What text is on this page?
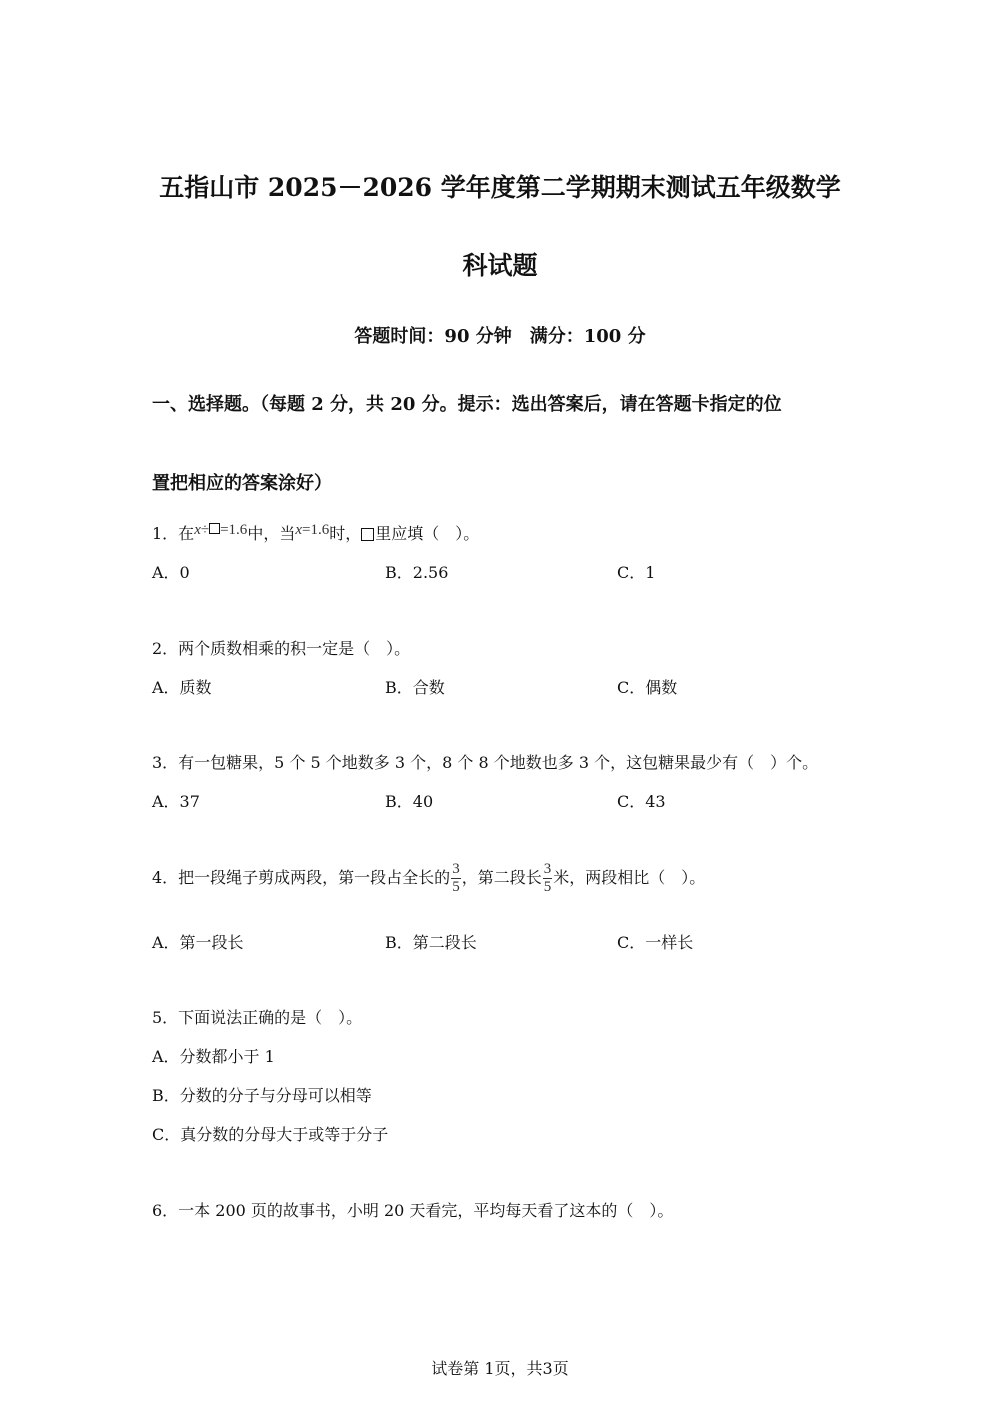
五指山市 2025－2026 学年度第二学期期末测试五年级数学
科试题
答题时间：90 分钟　满分：100 分
一、选择题。（每题 2 分，共 20 分。提示：选出答案后，请在答题卡指定的位
置把相应的答案涂好）
1．在x÷ =1.6中，当x=1.6时， 里应填（　）。
A．0	B．2.56	C．1
2．两个质数相乘的积一定是（　）。
A．质数	B．合数	C．偶数
3．有一包糖果，5 个 5 个地数多 3 个，8 个 8 个地数也多 3 个，这包糖果最少有（　）个。
A．37	B．40	C．43
4．把一段绳子剪成两段，第一段占全长的 $\frac{3}{5}$ ，第二段长 $\frac{3}{5}$ 米，两段相比（　）。
A．第一段长	B．第二段长	C．一样长
5．下面说法正确的是（　）。
A．分数都小于 1
B．分数的分子与分母可以相等
C．真分数的分母大于或等于分子
6．一本 200 页的故事书，小明 20 天看完，平均每天看了这本的（　）。
试卷第 1页，共3页
